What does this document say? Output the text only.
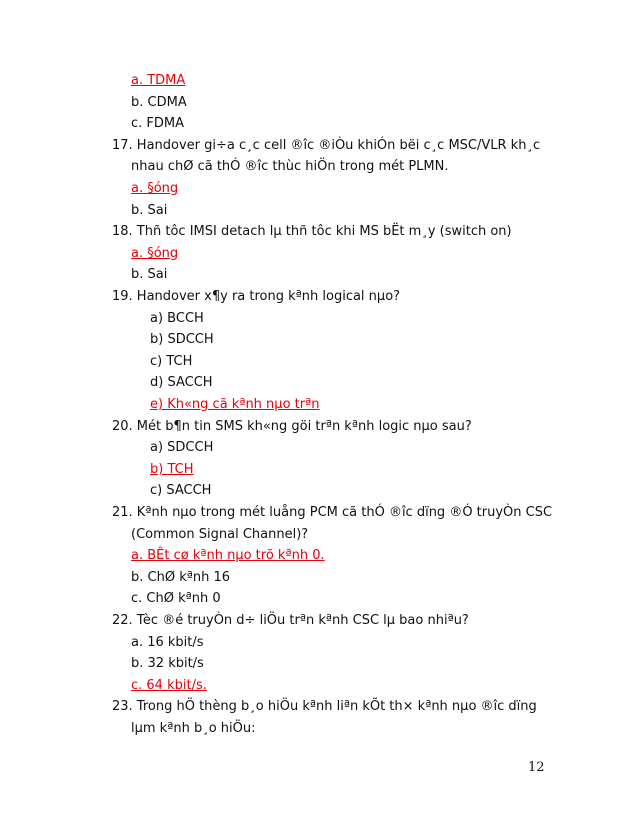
a. TDMA
b. CDMA
c. FDMA
17. Handover gi÷a c¸c cell ®îc ®iÒu khiÓn bëi c¸c MSC/VLR kh¸c
nhau chØ cã thÓ ®îc thùc hiÖn trong mét PLMN.
a. §óng
b. Sai
18. Thñ tôc IMSI detach lµ thñ tôc khi MS bËt m¸y (switch on)
a. §óng
b. Sai
19. Handover x¶y ra trong kªnh logical nµo?
a) BCCH
b) SDCCH
c) TCH
d) SACCH
e) Kh«ng cã kªnh nµo trªn
20. Mét b¶n tin SMS kh«ng göi trªn kªnh logic nµo sau?
a) SDCCH
b) TCH
c) SACCH
21. Kªnh nµo trong mét luång PCM cã thÓ ®îc dïng ®Ó truyÒn CSC
(Common Signal Channel)?
a. BÊt cø kªnh nµo trõ kªnh 0.
b. ChØ kªnh 16
c. ChØ kªnh 0
22. Tèc ®é truyÒn d÷ liÖu trªn kªnh CSC lµ bao nhiªu?
a. 16 kbit/s
b. 32 kbit/s
c. 64 kbit/s.
23. Trong hÖ thèng b¸o hiÖu kªnh liªn kÕt th× kªnh nµo ®îc dïng
lµm kªnh b¸o hiÖu:
12
